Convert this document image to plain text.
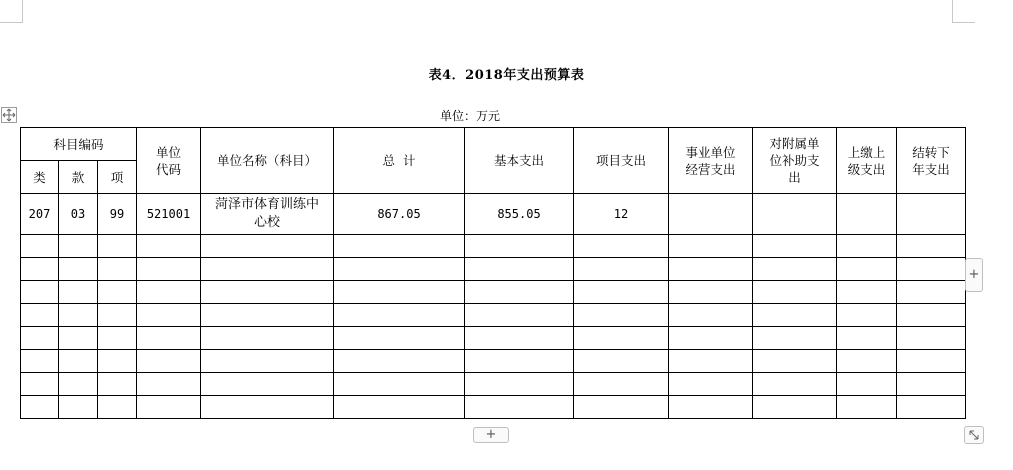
表4．2018年支出预算表
单位：万元
科目编码			单位代码	单位名称（科目）	总  计	基本支出	项目支出	事业单位经营支出	对附属单位补助支出	上缴上级支出	结转下年支出

类	款	项									
207	03	99	521001	菏泽市体育训练中心校	867.05	855.05	12				

+
+
